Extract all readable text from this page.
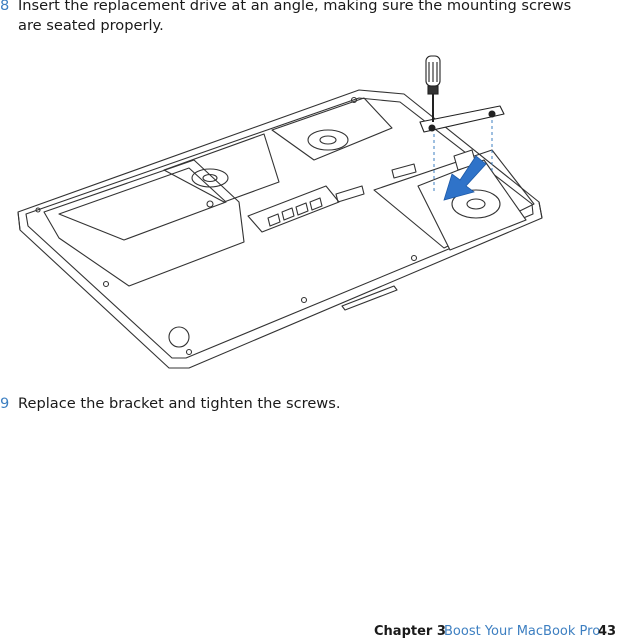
8 Insert the replacement drive at an angle, making sure the mounting screws are seated properly.
9 Replace the bracket and tighten the screws.
Chapter 3
Boost Your MacBook Pro
43
